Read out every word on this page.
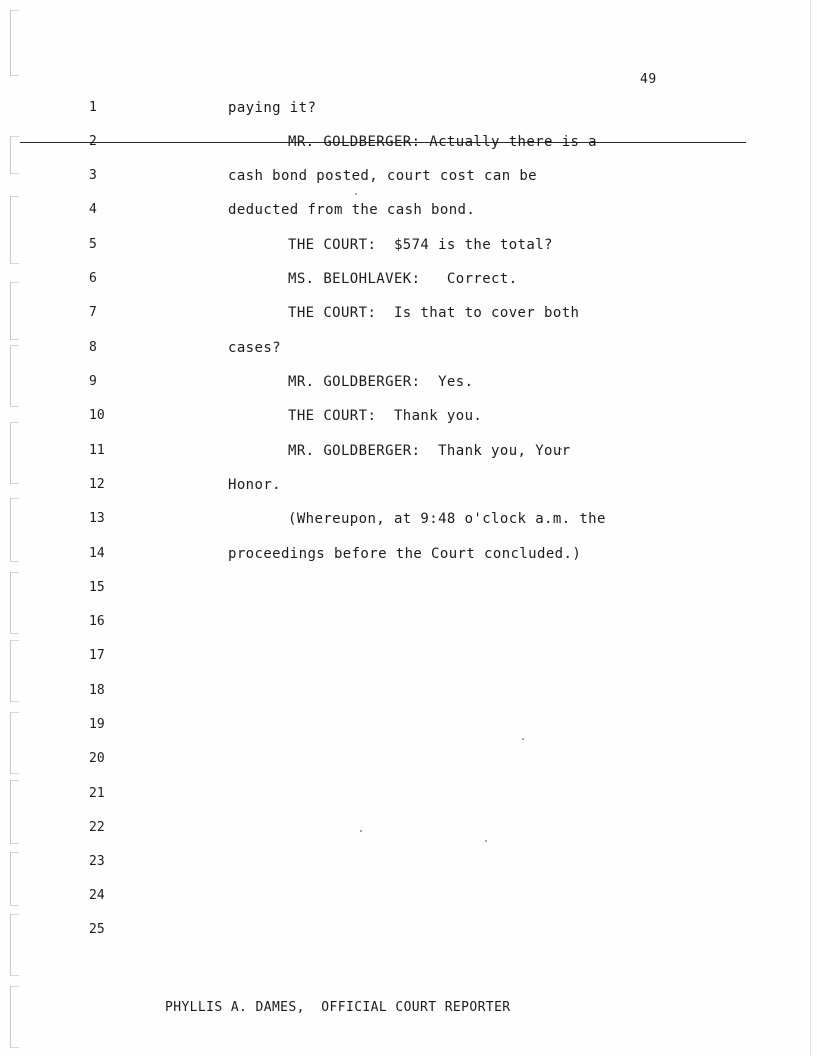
49
1	paying it?
2	MR. GOLDBERGER: Actually there is a
3	cash bond posted, court cost can be
4	deducted from the cash bond.
5	THE COURT:  $574 is the total?
6	MS. BELOHLAVEK:   Correct.
7	THE COURT:  Is that to cover both
8	cases?
9	MR. GOLDBERGER:  Yes.
10	THE COURT:  Thank you.
11	MR. GOLDBERGER:  Thank you, Your
12	Honor.
13	(Whereupon, at 9:48 o'clock a.m. the
14	proceedings before the Court concluded.)
15
16
17
18
19
20
21
22
23
24
25
PHYLLIS A. DAMES,  OFFICIAL COURT REPORTER
